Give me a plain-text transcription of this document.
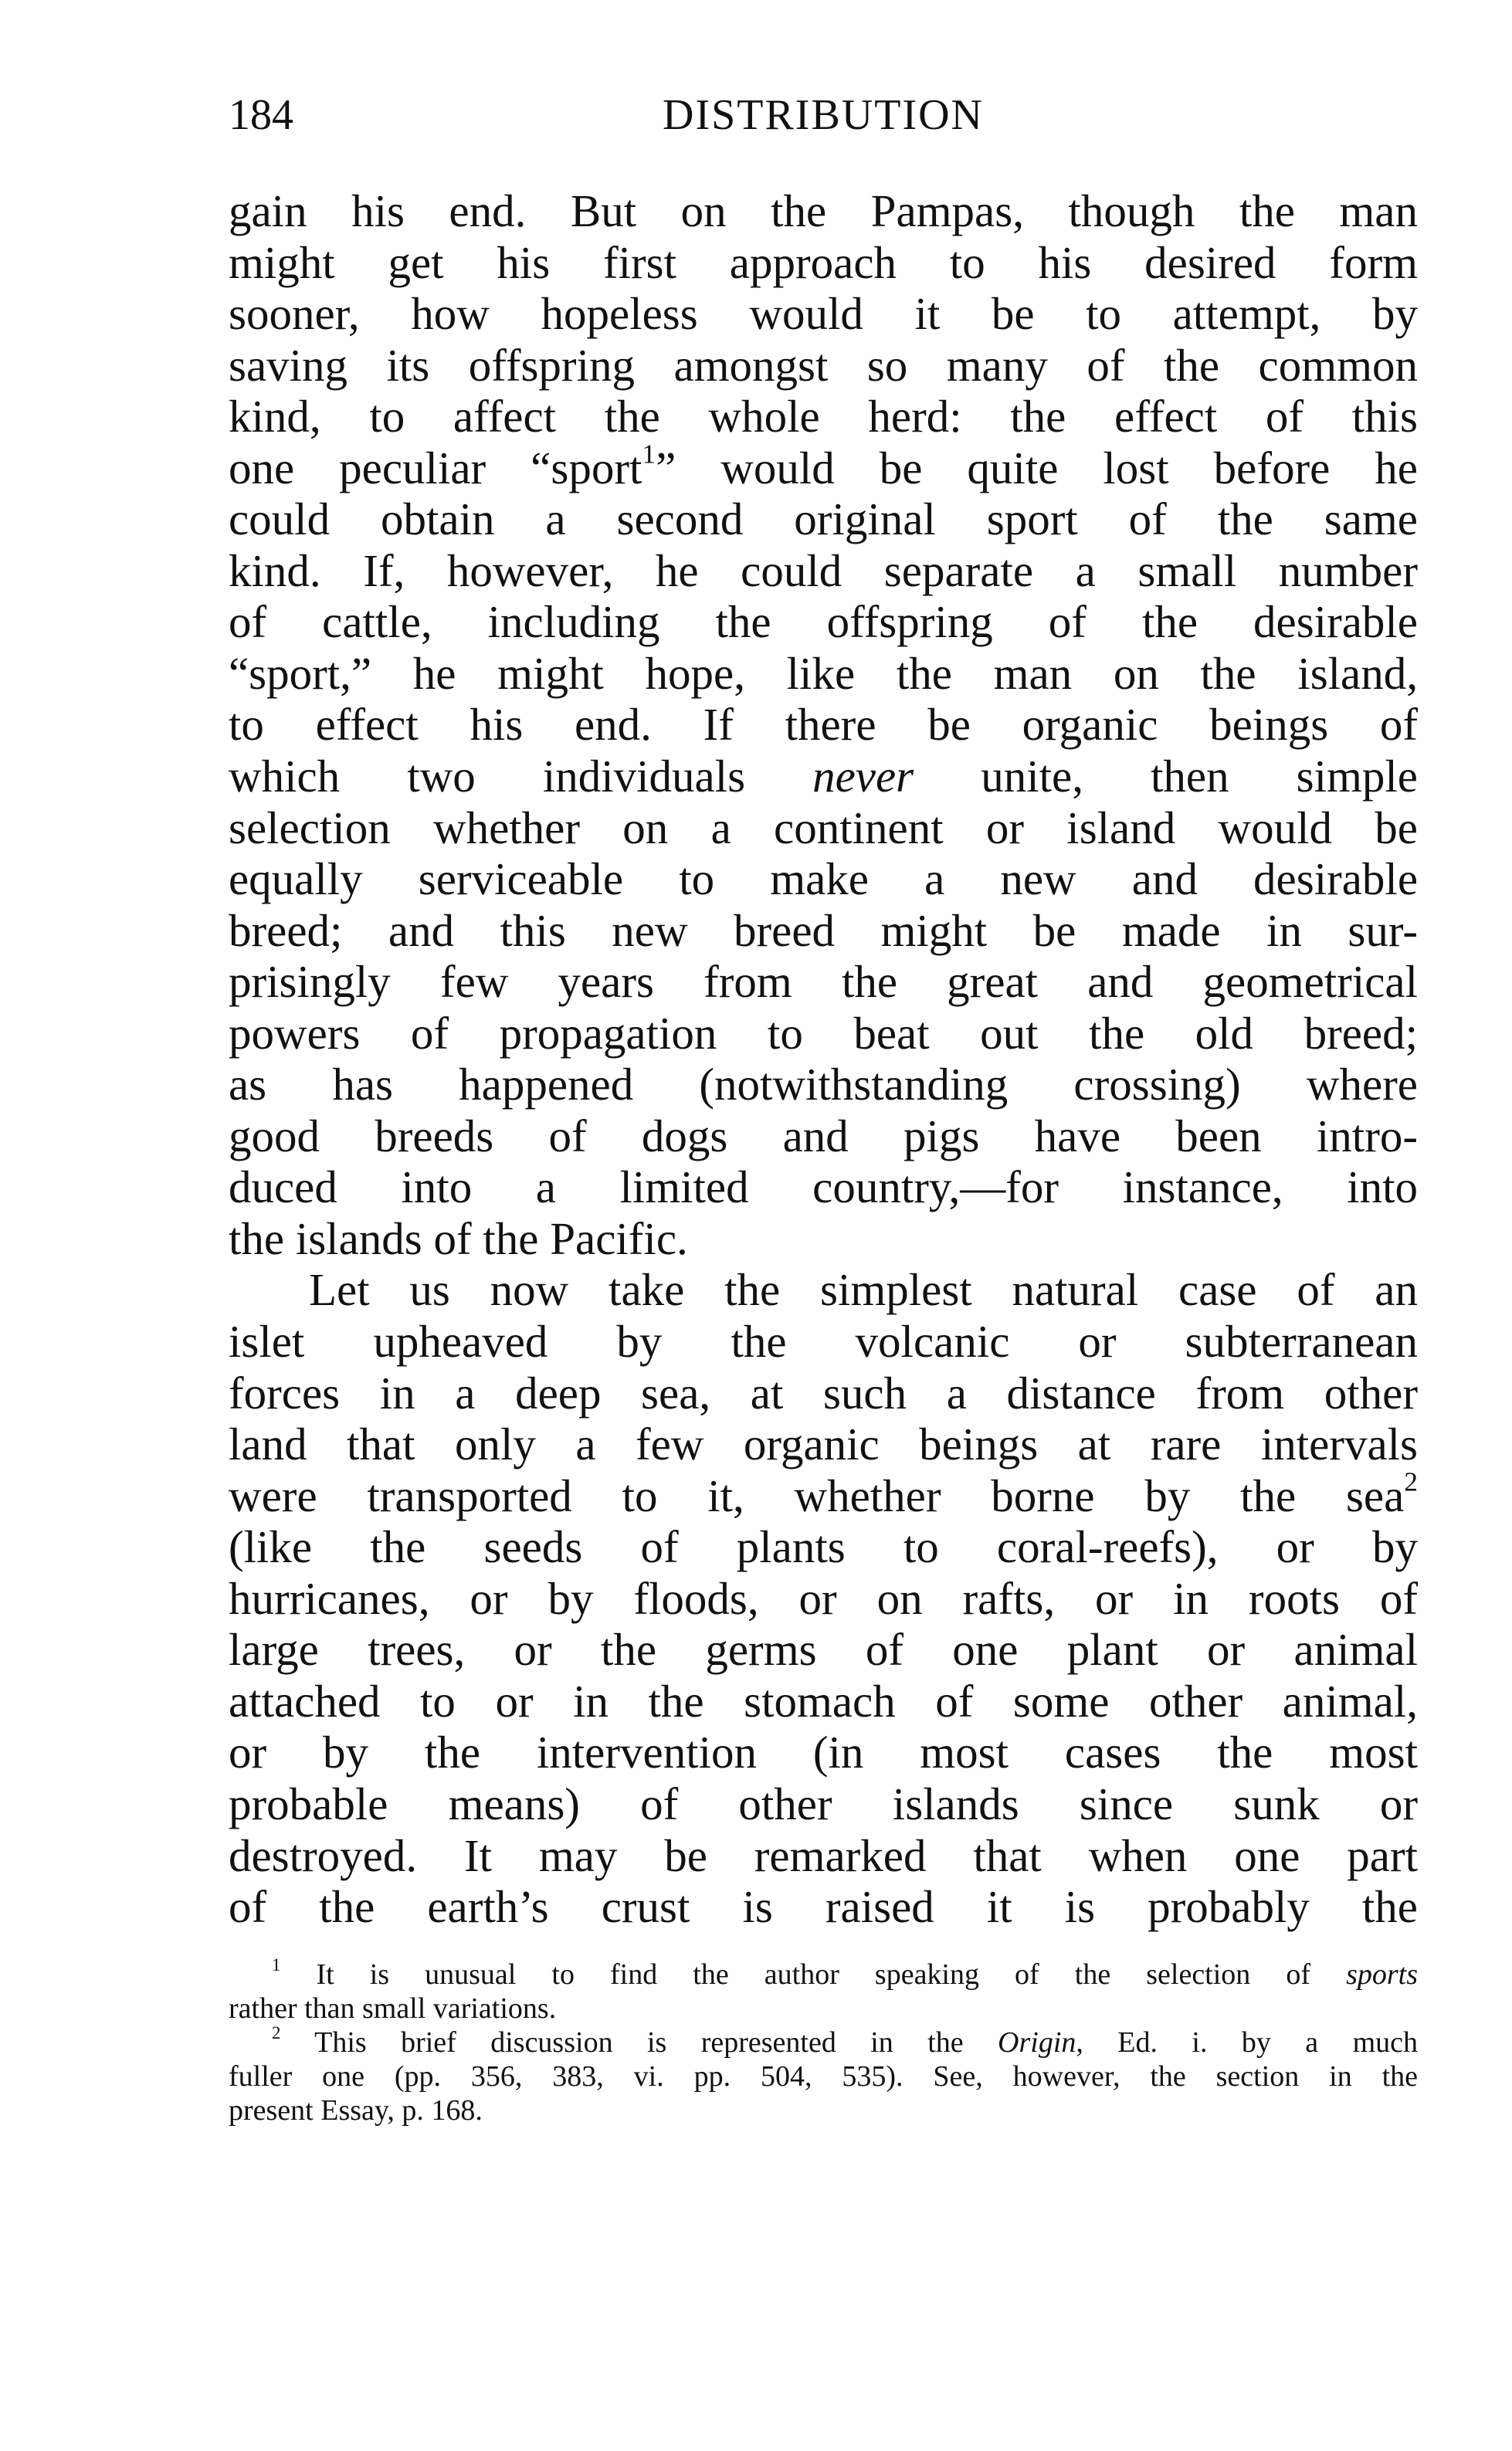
184	DISTRIBUTION
gain his end. But on the Pampas, though the man
might get his first approach to his desired form
sooner, how hopeless would it be to attempt, by
saving its offspring amongst so many of the common
kind, to affect the whole herd: the effect of this
one peculiar “sport$^1$” would be quite lost before he
could obtain a second original sport of the same
kind. If, however, he could separate a small number
of cattle, including the offspring of the desirable
“sport,” he might hope, like the man on the island,
to effect his end. If there be organic beings of
which two individuals never unite, then simple
selection whether on a continent or island would be
equally serviceable to make a new and desirable
breed; and this new breed might be made in sur-
prisingly few years from the great and geometrical
powers of propagation to beat out the old breed;
as has happened (notwithstanding crossing) where
good breeds of dogs and pigs have been intro-
duced into a limited country,—for instance, into
the islands of the Pacific.
Let us now take the simplest natural case of an
islet upheaved by the volcanic or subterranean
forces in a deep sea, at such a distance from other
land that only a few organic beings at rare intervals
were transported to it, whether borne by the sea$^2$
(like the seeds of plants to coral-reefs), or by
hurricanes, or by floods, or on rafts, or in roots of
large trees, or the germs of one plant or animal
attached to or in the stomach of some other animal,
or by the intervention (in most cases the most
probable means) of other islands since sunk or
destroyed. It may be remarked that when one part
of the earth’s crust is raised it is probably the
$^1$ It is unusual to find the author speaking of the selection of sports
rather than small variations.
$^2$ This brief discussion is represented in the Origin, Ed. i. by a much
fuller one (pp. 356, 383, vi. pp. 504, 535). See, however, the section in the
present Essay, p. 168.
